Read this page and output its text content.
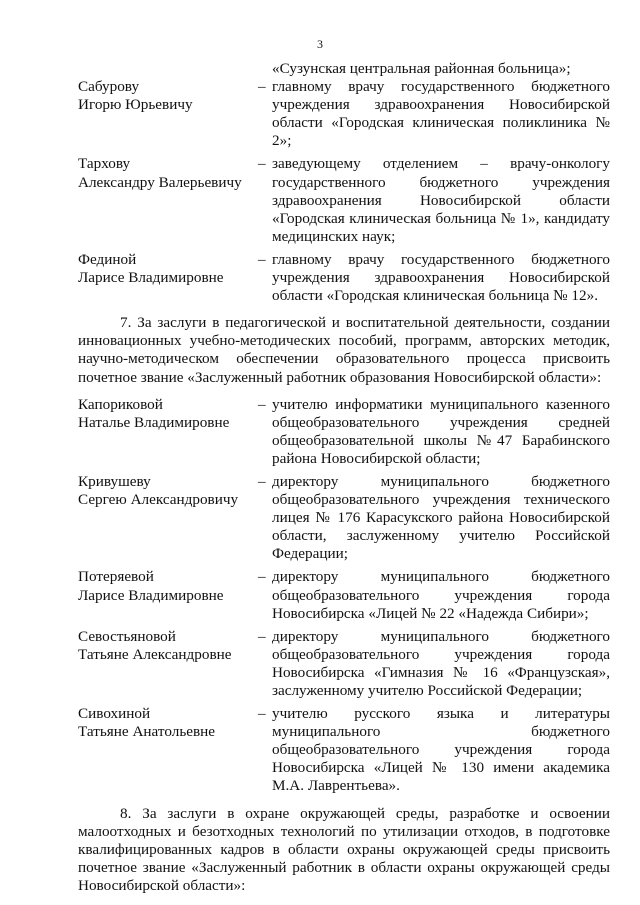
3
«Сузунская центральная районная больница»;
Сабурову
Игорю Юрьевичу
– главному врачу государственного бюджетного учреждения здравоохранения Новосибирской области «Городская клиническая поликлиника № 2»;
Тархову
Александру Валерьевичу
– заведующему отделением – врачу-онкологу государственного бюджетного учреждения здравоохранения Новосибирской области «Городская клиническая больница № 1», кандидату медицинских наук;
Фединой
Ларисе Владимировне
– главному врачу государственного бюджетного учреждения здравоохранения Новосибирской области «Городская клиническая больница № 12».
7. За заслуги в педагогической и воспитательной деятельности, создании инновационных учебно-методических пособий, программ, авторских методик, научно-методическом обеспечении образовательного процесса присвоить почетное звание «Заслуженный работник образования Новосибирской области»:
Капориковой
Наталье Владимировне
– учителю информатики муниципального казенного общеобразовательного учреждения средней общеобразовательной школы №47 Барабинского района Новосибирской области;
Кривушеву
Сергею Александровичу
– директору муниципального бюджетного общеобразовательного учреждения технического лицея № 176 Карасукского района Новосибирской области, заслуженному учителю Российской Федерации;
Потеряевой
Ларисе Владимировне
– директору муниципального бюджетного общеобразовательного учреждения города Новосибирска «Лицей № 22 «Надежда Сибири»;
Севостьяновой
Татьяне Александровне
– директору муниципального бюджетного общеобразовательного учреждения города Новосибирска «Гимназия № 16 «Французская», заслуженному учителю Российской Федерации;
Сивохиной
Татьяне Анатольевне
– учителю русского языка и литературы муниципального бюджетного общеобразовательного учреждения города Новосибирска «Лицей № 130 имени академика М.А. Лаврентьева».
8. За заслуги в охране окружающей среды, разработке и освоении малоотходных и безотходных технологий по утилизации отходов, в подготовке квалифицированных кадров в области охраны окружающей среды присвоить почетное звание «Заслуженный работник в области охраны окружающей среды Новосибирской области»:
